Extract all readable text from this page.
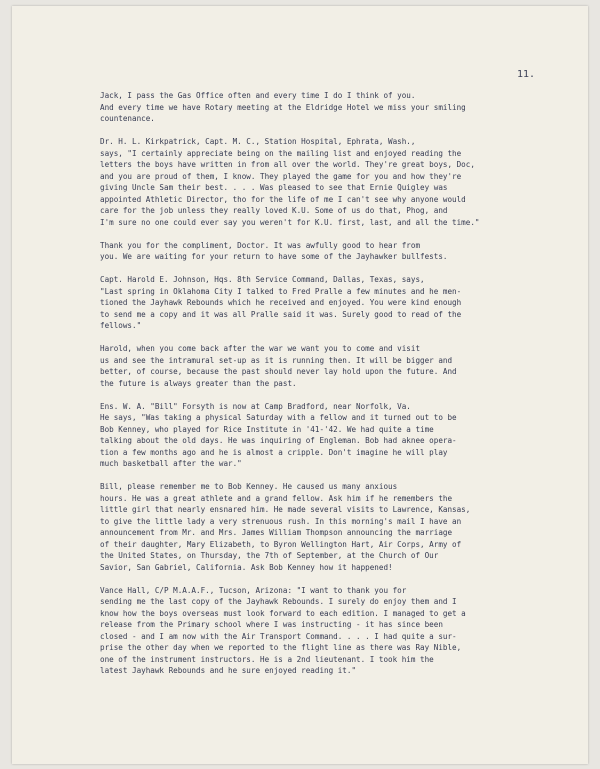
11.

Jack, I pass the Gas Office often and every time I do I think of you.
And every time we have Rotary meeting at the Eldridge Hotel we miss your smiling
countenance.

Dr. H. L. Kirkpatrick, Capt. M. C., Station Hospital, Ephrata, Wash.,
says, "I certainly appreciate being on the mailing list and enjoyed reading the
letters the boys have written in from all over the world. They're great boys, Doc,
and you are proud of them, I know. They played the game for you and how they're
giving Uncle Sam their best. . . . Was pleased to see that Ernie Quigley was
appointed Athletic Director, tho for the life of me I can't see why anyone would
care for the job unless they really loved K.U. Some of us do that, Phog, and
I'm sure no one could ever say you weren't for K.U. first, last, and all the time."

Thank you for the compliment, Doctor. It was awfully good to hear from
you. We are waiting for your return to have some of the Jayhawker bullfests.

Capt. Harold E. Johnson, Hqs. 8th Service Command, Dallas, Texas, says,
"Last spring in Oklahoma City I talked to Fred Pralle a few minutes and he men-
tioned the Jayhawk Rebounds which he received and enjoyed. You were kind enough
to send me a copy and it was all Pralle said it was. Surely good to read of the
fellows."

Harold, when you come back after the war we want you to come and visit
us and see the intramural set-up as it is running then. It will be bigger and
better, of course, because the past should never lay hold upon the future. And
the future is always greater than the past.

Ens. W. A. "Bill" Forsyth is now at Camp Bradford, near Norfolk, Va.
He says, "Was taking a physical Saturday with a fellow and it turned out to be
Bob Kenney, who played for Rice Institute in '41-'42. We had quite a time
talking about the old days. He was inquiring of Engleman. Bob had aknee opera-
tion a few months ago and he is almost a cripple. Don't imagine he will play
much basketball after the war."

Bill, please remember me to Bob Kenney. He caused us many anxious
hours. He was a great athlete and a grand fellow. Ask him if he remembers the
little girl that nearly ensnared him. He made several visits to Lawrence, Kansas,
to give the little lady a very strenuous rush. In this morning's mail I have an
announcement from Mr. and Mrs. James William Thompson announcing the marriage
of their daughter, Mary Elizabeth, to Byron Wellington Hart, Air Corps, Army of
the United States, on Thursday, the 7th of September, at the Church of Our
Savior, San Gabriel, California. Ask Bob Kenney how it happened!

Vance Hall, C/P M.A.A.F., Tucson, Arizona: "I want to thank you for
sending me the last copy of the Jayhawk Rebounds. I surely do enjoy them and I
know how the boys overseas must look forward to each edition. I managed to get a
release from the Primary school where I was instructing - it has since been
closed - and I am now with the Air Transport Command. . . . I had quite a sur-
prise the other day when we reported to the flight line as there was Ray Nible,
one of the instrument instructors. He is a 2nd lieutenant. I took him the
latest Jayhawk Rebounds and he sure enjoyed reading it."
